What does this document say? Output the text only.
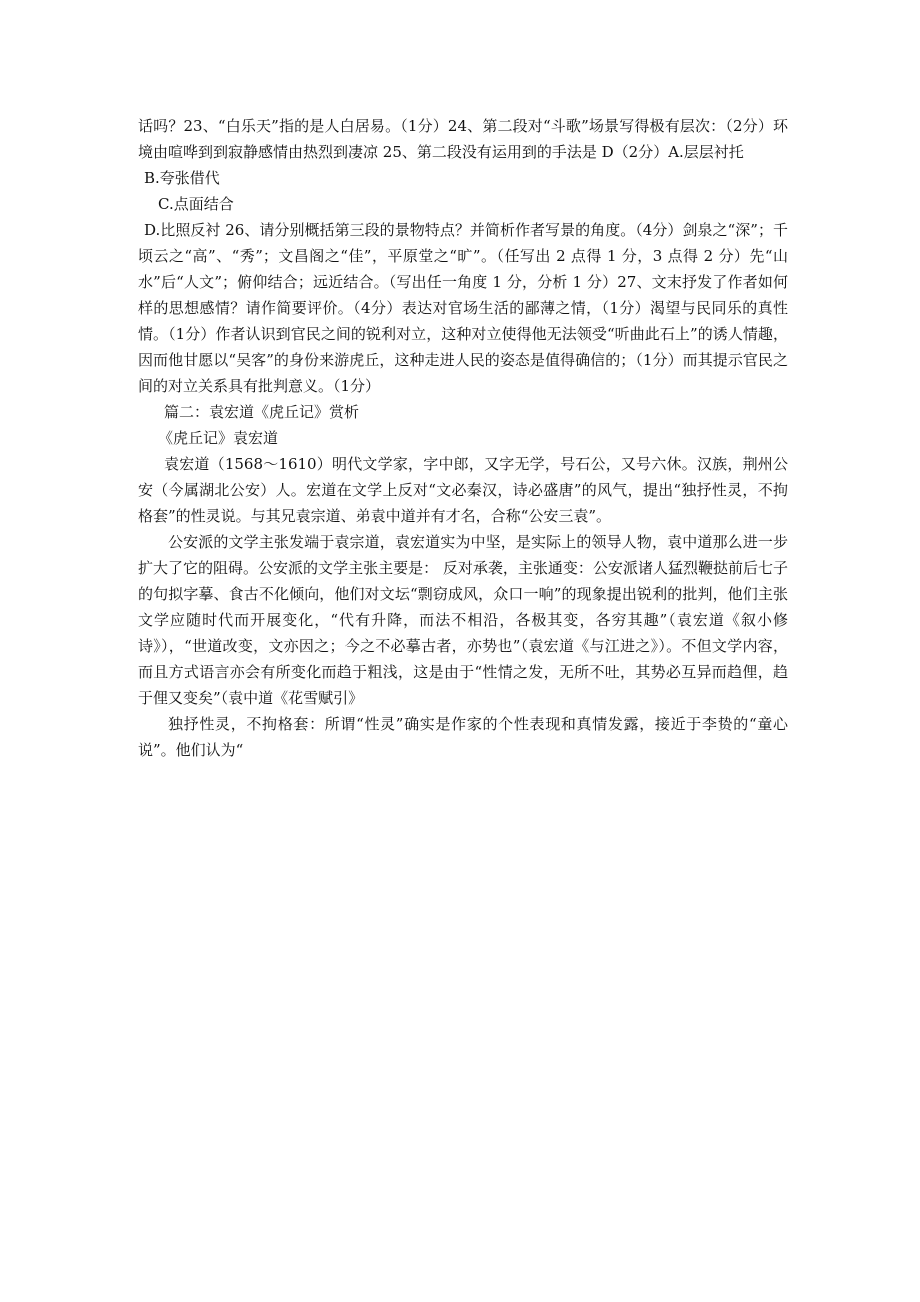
话吗？23、“白乐天”指的是人白居易。（1分）24、第二段对“斗歌”场景写得极有层次：（2分）环境由喧哗到到寂静感情由热烈到凄凉 25、第二段没有运用到的手法是 D（2分）A.层层衬托

B.夸张借代

C.点面结合

D.比照反衬 26、请分别概括第三段的景物特点？并简析作者写景的角度。（4分）剑泉之“深”；千顷云之“高”、“秀”；文昌阁之“佳”，平原堂之“旷”。（任写出 2 点得 1 分，3 点得 2 分）先“山水”后“人文”；俯仰结合；远近结合。（写出任一角度 1 分，分析 1 分）27、文末抒发了作者如何样的思想感情？请作简要评价。（4分）表达对官场生活的鄙薄之情，（1分）渴望与民同乐的真性情。（1分）作者认识到官民之间的锐利对立，这种对立使得他无法领受“听曲此石上”的诱人情趣，因而他甘愿以“吴客”的身份来游虎丘，这种走进人民的姿态是值得确信的；（1分）而其提示官民之间的对立关系具有批判意义。（1分）

篇二：袁宏道《虎丘记》赏析

《虎丘记》袁宏道

袁宏道（1568～1610）明代文学家，字中郎，又字无学，号石公，又号六休。汉族，荆州公安（今属湖北公安）人。宏道在文学上反对“文必秦汉，诗必盛唐”的风气，提出“独抒性灵，不拘格套”的性灵说。与其兄袁宗道、弟袁中道并有才名，合称“公安三袁”。

公安派的文学主张发端于袁宗道，袁宏道实为中坚，是实际上的领导人物，袁中道那么进一步扩大了它的阻碍。公安派的文学主张主要是： 反对承袭，主张通变：公安派诸人猛烈鞭挞前后七子的句拟字摹、食古不化倾向，他们对文坛“剽窃成风，众口一响”的现象提出锐利的批判，他们主张文学应随时代而开展变化，“代有升降，而法不相沿，各极其变，各穷其趣”（袁宏道《叙小修诗》），“世道改变，文亦因之；今之不必摹古者，亦势也”（袁宏道《与江进之》）。不但文学内容，而且方式语言亦会有所变化而趋于粗浅，这是由于“性情之发，无所不吐，其势必互异而趋俚，趋于俚又变矣”（袁中道《花雪赋引》

独抒性灵，不拘格套：所谓“性灵”确实是作家的个性表现和真情发露，接近于李贽的“童心说”。他们认为“
